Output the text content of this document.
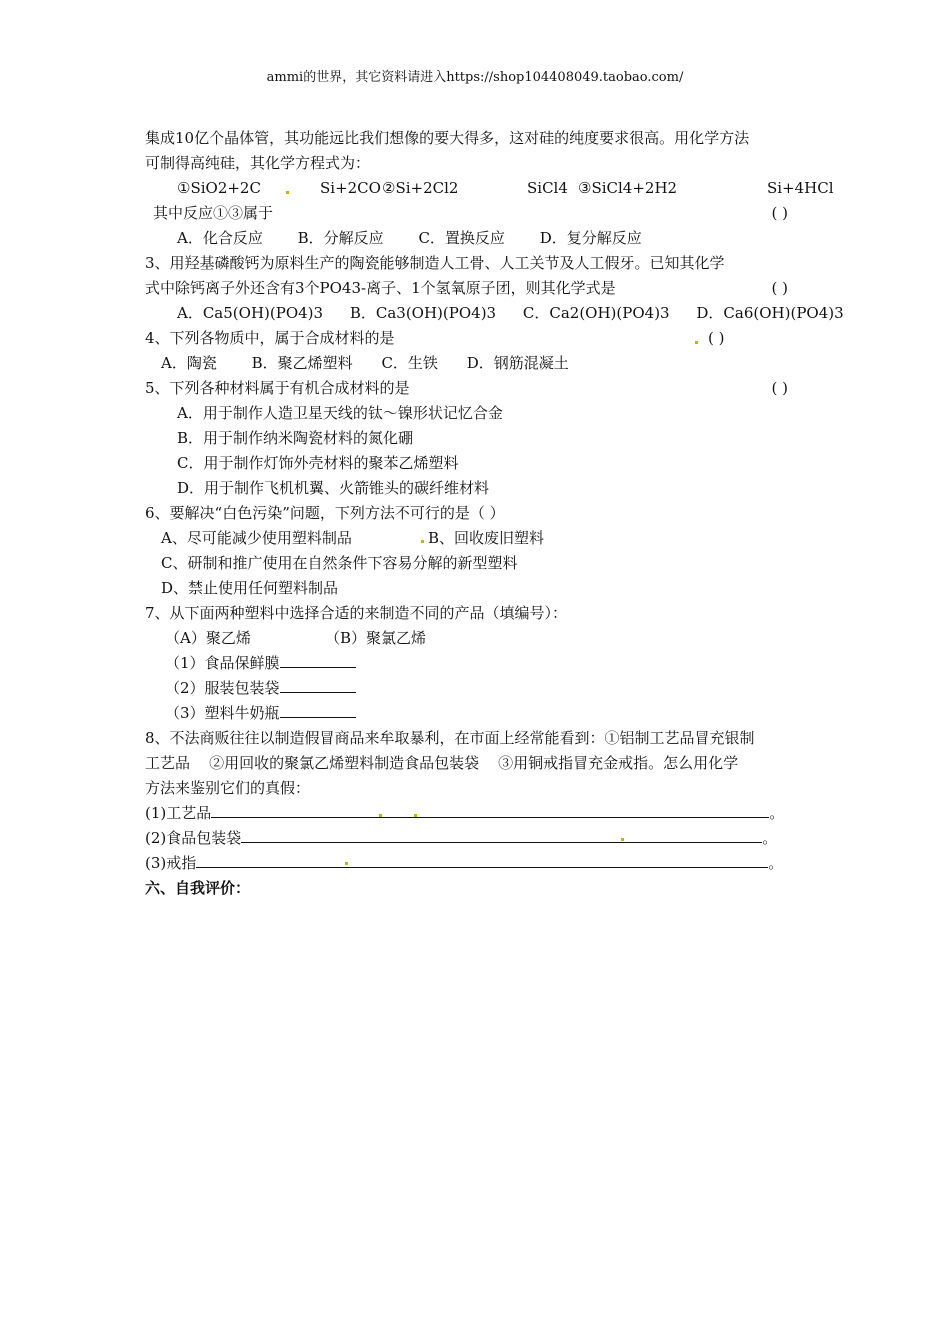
ammi的世界，其它资料请进入https://shop104408049.taobao.com/
集成10亿个晶体管，其功能远比我们想像的要大得多，这对硅的纯度要求很高。用化学方法
可制得高纯硅，其化学方程式为：
①SiO2+2C	Si+2CO ②Si+2Cl2	SiCl4 ③SiCl4+2H2	Si+4HCl
其中反应①③属于	( )
A．化合反应 B．分解反应 C．置换反应 D．复分解反应
3、用羟基磷酸钙为原料生产的陶瓷能够制造人工骨、人工关节及人工假牙。已知其化学
式中除钙离子外还含有3个PO43-离子、1个氢氧原子团，则其化学式是	( )
A．Ca5(OH)(PO4)3 B．Ca3(OH)(PO4)3 C．Ca2(OH)(PO4)3 D．Ca6(OH)(PO4)3
4、下列各物质中，属于合成材料的是	( )
A．陶瓷 B．聚乙烯塑料 C．生铁 D．钢筋混凝土
5、下列各种材料属于有机合成材料的是	( )
A．用于制作人造卫星天线的钛～镍形状记忆合金
B．用于制作纳米陶瓷材料的氮化硼
C．用于制作灯饰外壳材料的聚苯乙烯塑料
D．用于制作飞机机翼、火箭锥头的碳纤维材料
6、要解决“白色污染”问题，下列方法不可行的是（ ）
A、尽可能减少使用塑料制品	B、回收废旧塑料
C、研制和推广使用在自然条件下容易分解的新型塑料
D、禁止使用任何塑料制品
7、从下面两种塑料中选择合适的来制造不同的产品（填编号）：
（A）聚乙烯	（B）聚氯乙烯
（1）食品保鲜膜
（2）服装包装袋
（3）塑料牛奶瓶
8、不法商贩往往以制造假冒商品来牟取暴利，在市面上经常能看到：①铝制工艺品冒充银制
工艺品    ②用回收的聚氯乙烯塑料制造食品包装袋    ③用铜戒指冒充金戒指。怎么用化学
方法来鉴别它们的真假：
(1)工艺品	。
(2)食品包装袋	。
(3)戒指	。
六、自我评价：
